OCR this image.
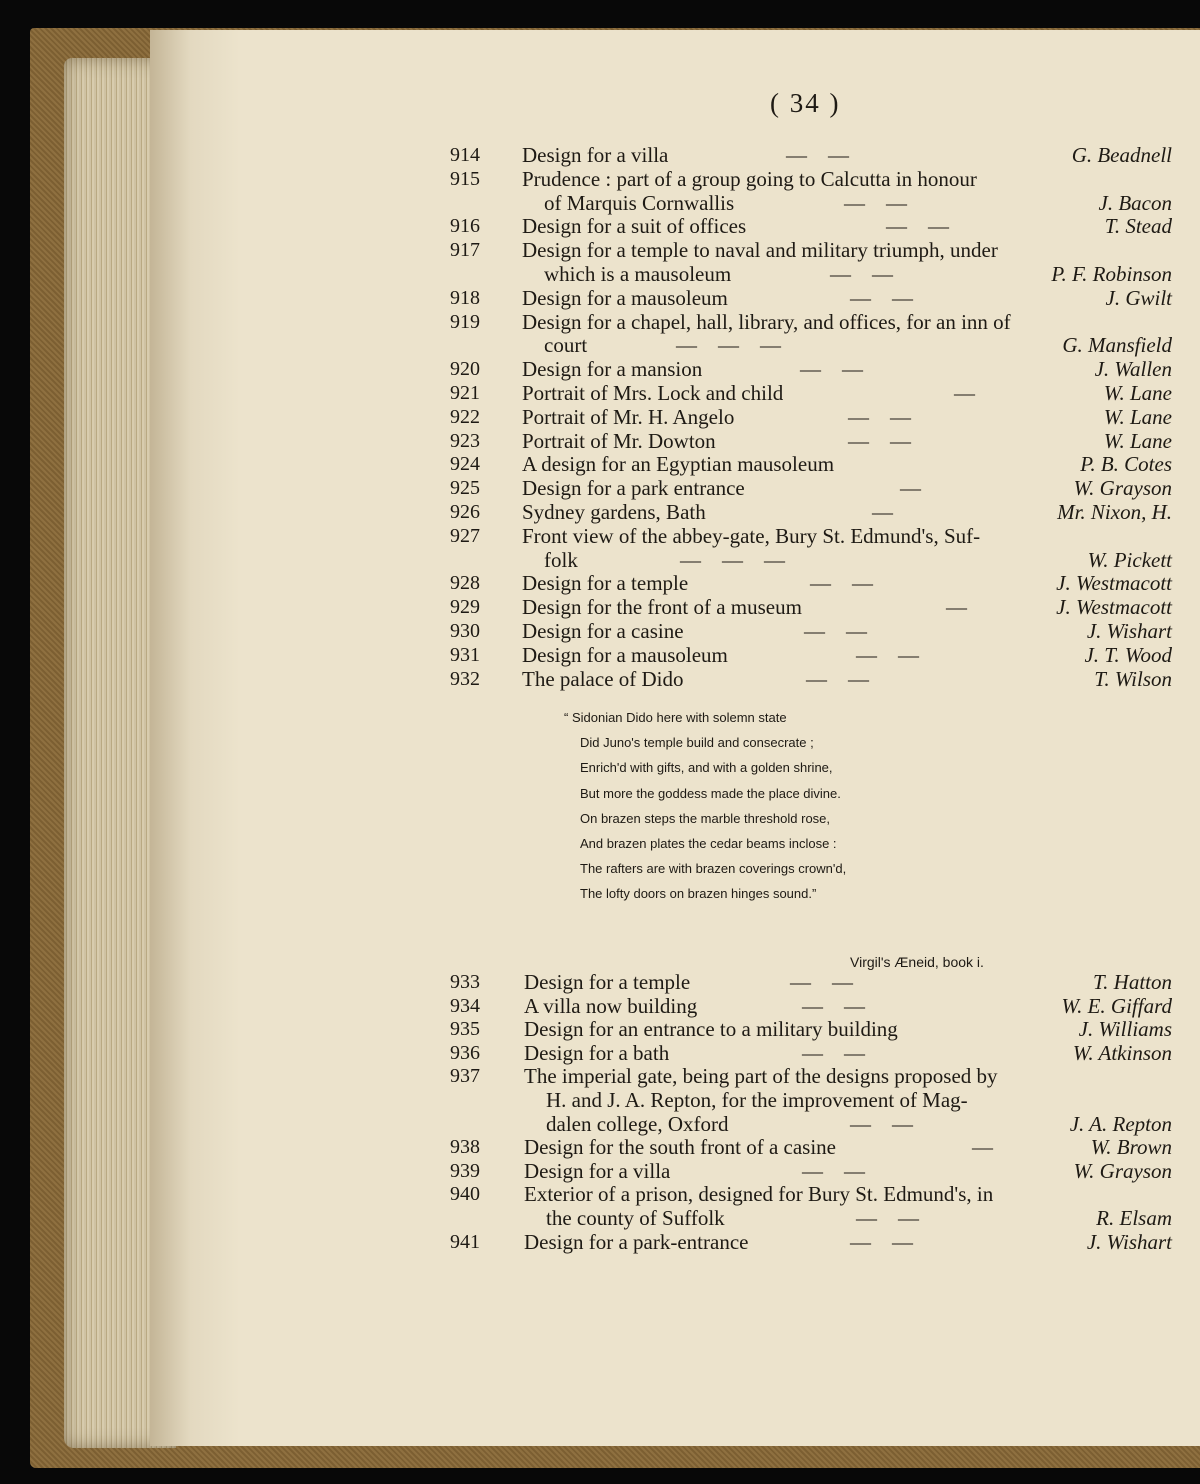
( 34 )
914	Design for a villa	—    —	G. Beadnell
915	Prudence : part of a group going to Calcutta in honour
of Marquis Cornwallis	—    —	J. Bacon
916	Design for a suit of offices	—    —	T. Stead
917	Design for a temple to naval and military triumph, under
which is a mausoleum	—    —	P. F. Robinson
918	Design for a mausoleum	—    —	J. Gwilt
919	Design for a chapel, hall, library, and offices, for an inn of
court	—    —    —	G. Mansfield
920	Design for a mansion	—    —	J. Wallen
921	Portrait of Mrs. Lock and child	—	W. Lane
922	Portrait of Mr. H. Angelo	—    —	W. Lane
923	Portrait of Mr. Dowton	—    —	W. Lane
924	A design for an Egyptian mausoleum	P. B. Cotes
925	Design for a park entrance	—	W. Grayson
926	Sydney gardens, Bath	—	Mr. Nixon, H.
927	Front view of the abbey-gate, Bury St. Edmund's, Suf-
folk	—    —    —	W. Pickett
928	Design for a temple	—    —	J. Westmacott
929	Design for the front of a museum	—	J. Westmacott
930	Design for a casine	—    —	J. Wishart
931	Design for a mausoleum	—    —	J. T. Wood
932	The palace of Dido	—    —	T. Wilson
933	Design for a temple	—    —	T. Hatton
934	A villa now building	—    —	W. E. Giffard
935	Design for an entrance to a military building	J. Williams
936	Design for a bath	—    —	W. Atkinson
937	The imperial gate, being part of the designs proposed by
H. and J. A. Repton, for the improvement of Mag-
dalen college, Oxford	—    —	J. A. Repton
938	Design for the south front of a casine	—	W. Brown
939	Design for a villa	—    —	W. Grayson
940	Exterior of a prison, designed for Bury St. Edmund's, in
the county of Suffolk	—    —	R. Elsam
941	Design for a park-entrance	—    —	J. Wishart
“ Sidonian Dido here with solemn state
Did Juno's temple build and consecrate ;
Enrich'd with gifts, and with a golden shrine,
But more the goddess made the place divine.
On brazen steps the marble threshold rose,
And brazen plates the cedar beams inclose :
The rafters are with brazen coverings crown'd,
The lofty doors on brazen hinges sound.”
Virgil's Æneid, book i.
